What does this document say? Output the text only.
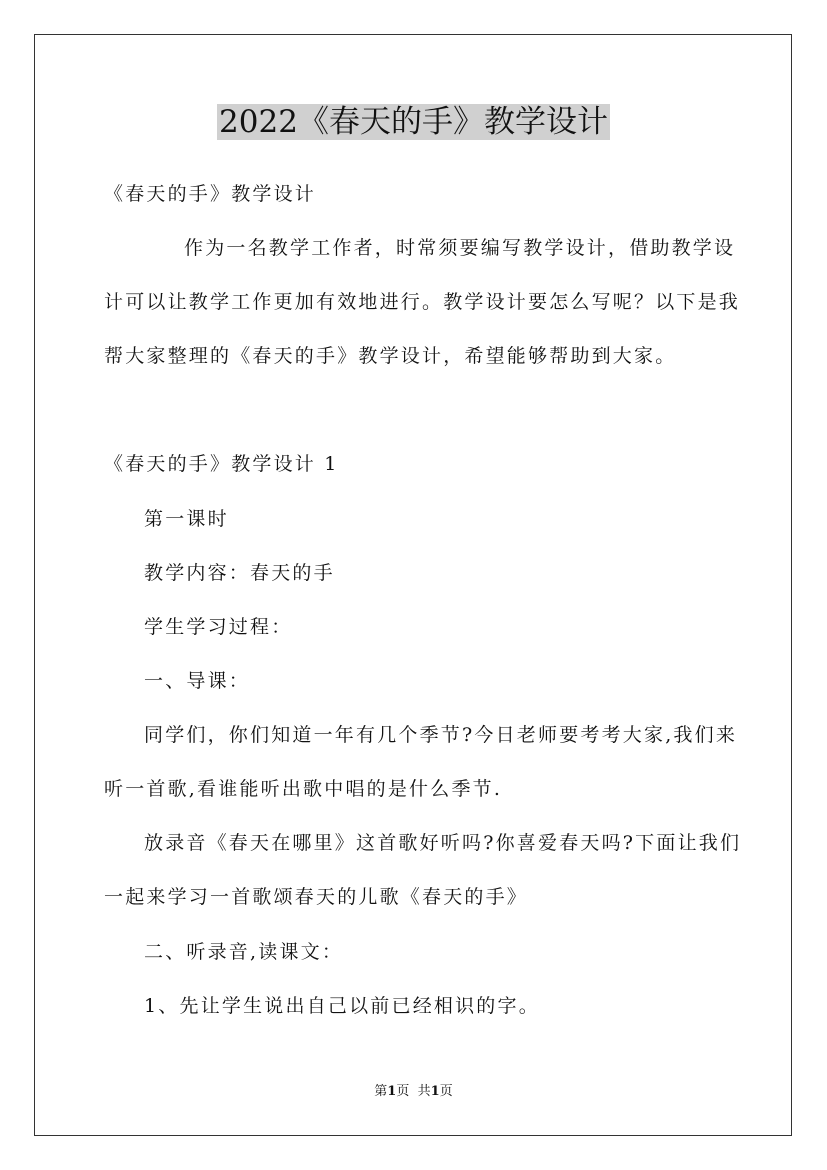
2022《春天的手》教学设计
《春天的手》教学设计
作为一名教学工作者，时常须要编写教学设计，借助教学设
计可以让教学工作更加有效地进行。教学设计要怎么写呢？以下是我
帮大家整理的《春天的手》教学设计，希望能够帮助到大家。
《春天的手》教学设计 1
第一课时
教学内容：春天的手
学生学习过程：
一、导课：
同学们，你们知道一年有几个季节?今日老师要考考大家,我们来
听一首歌,看谁能听出歌中唱的是什么季节.
放录音《春天在哪里》这首歌好听吗?你喜爱春天吗?下面让我们
一起来学习一首歌颂春天的儿歌《春天的手》
二、听录音,读课文：
1、先让学生说出自己以前已经相识的字。
第1页 共1页
